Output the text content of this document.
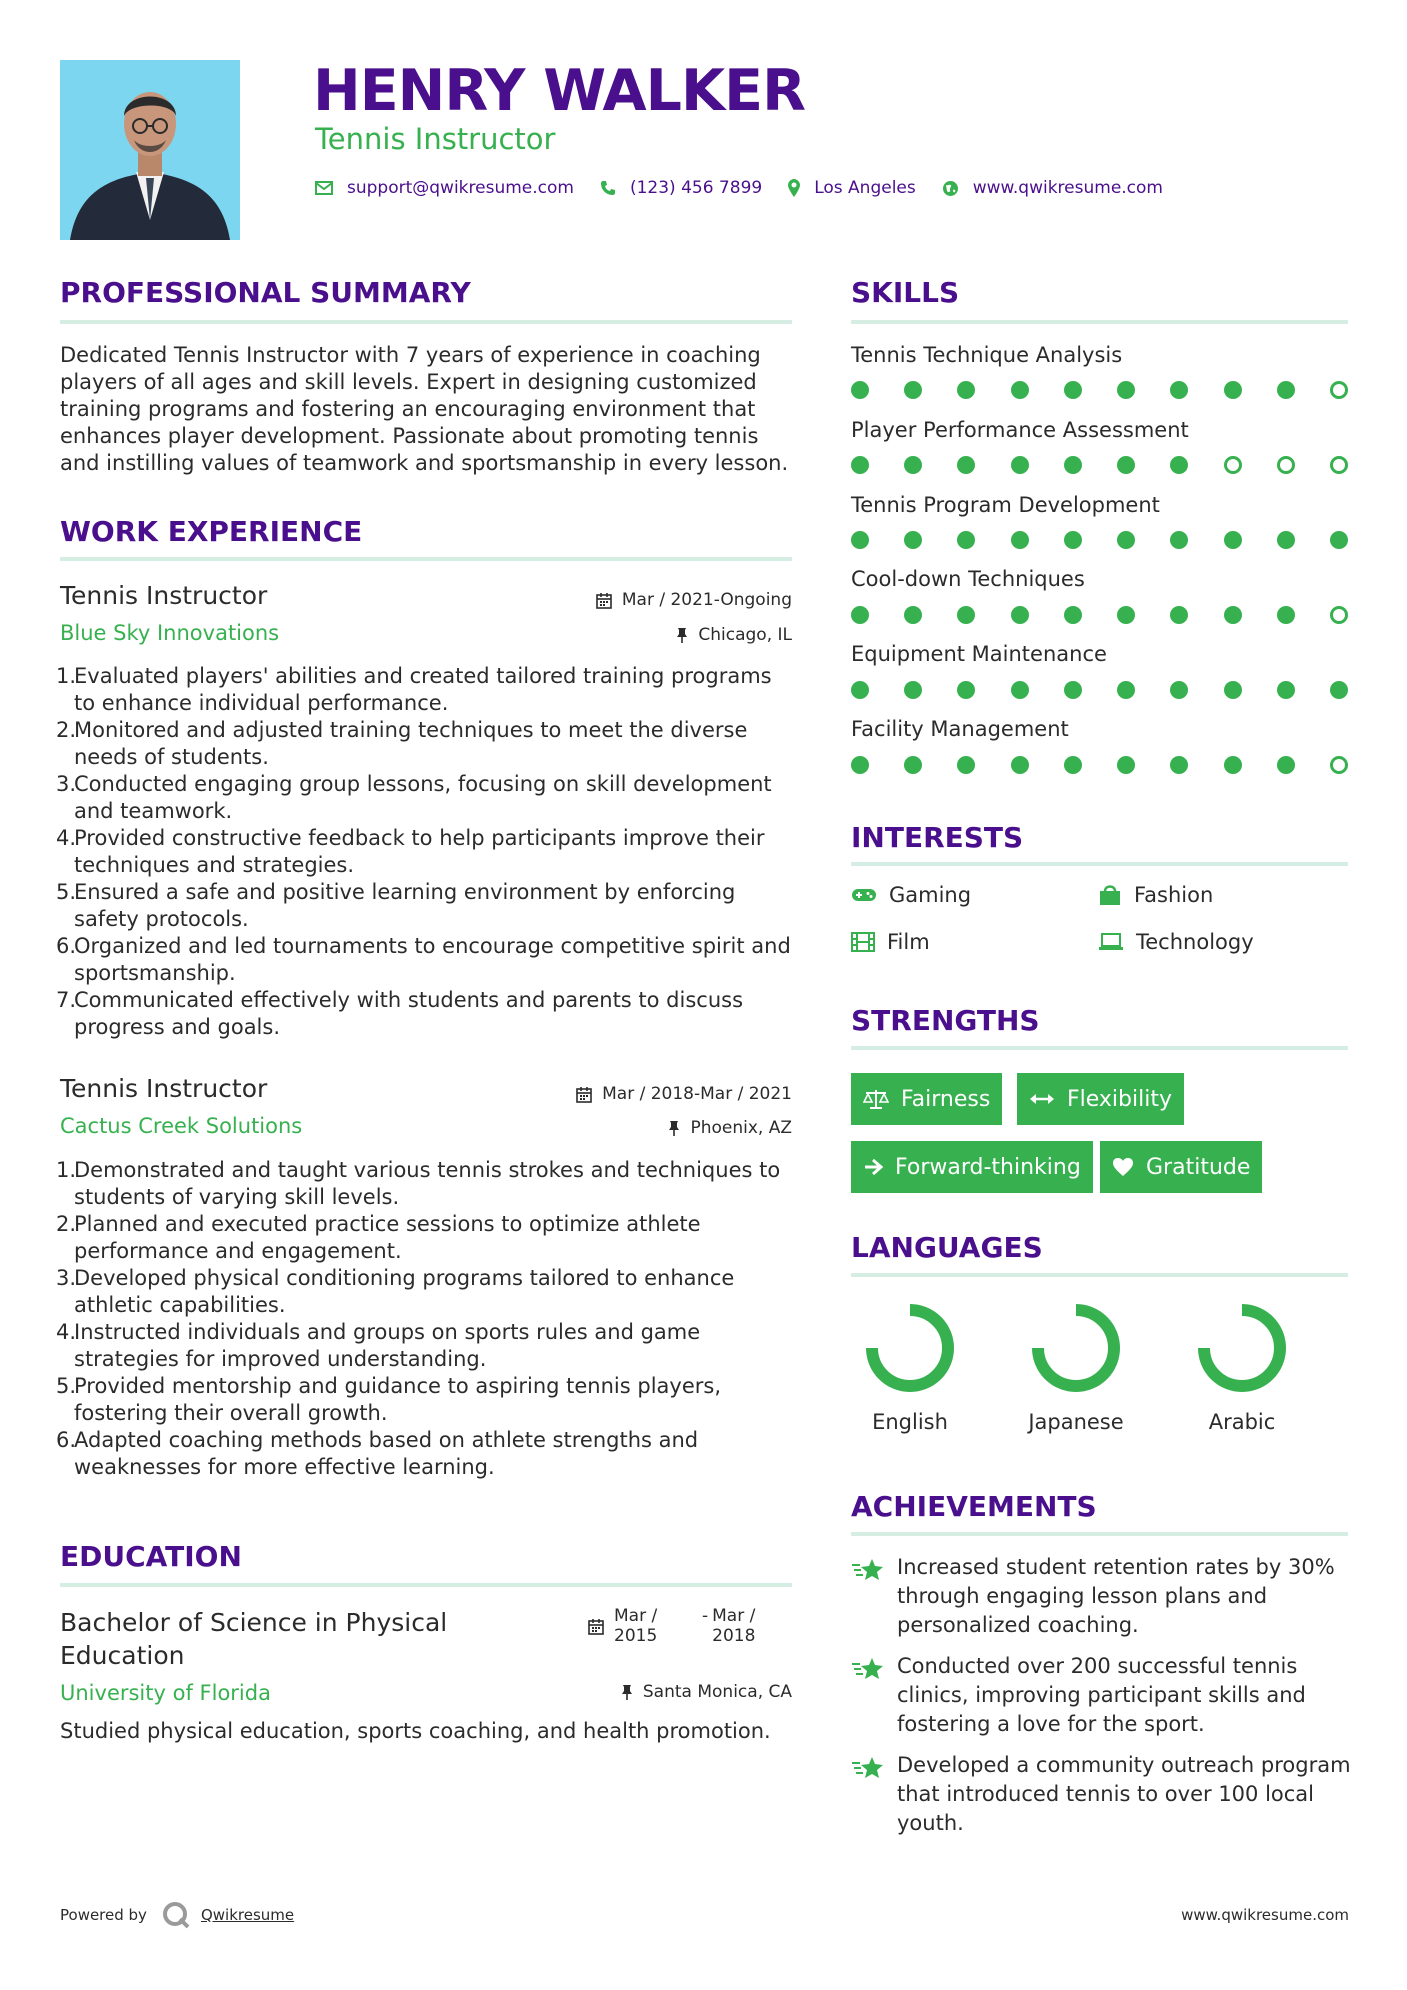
HENRY WALKER
Tennis Instructor
support@qwikresume.com	(123) 456 7899	Los Angeles	www.qwikresume.com
PROFESSIONAL SUMMARY
Dedicated Tennis Instructor with 7 years of experience in coaching players of all ages and skill levels. Expert in designing customized training programs and fostering an encouraging environment that enhances player development. Passionate about promoting tennis and instilling values of teamwork and sportsmanship in every lesson.
WORK EXPERIENCE
Tennis Instructor	Mar / 2021-Ongoing
Blue Sky Innovations	Chicago, IL
1.
Evaluated players' abilities and created tailored training programs to enhance individual performance.
2.
Monitored and adjusted training techniques to meet the diverse needs of students.
3.
Conducted engaging group lessons, focusing on skill development and teamwork.
4.
Provided constructive feedback to help participants improve their techniques and strategies.
5.
Ensured a safe and positive learning environment by enforcing safety protocols.
6.
Organized and led tournaments to encourage competitive spirit and sportsmanship.
7.
Communicated effectively with students and parents to discuss progress and goals.
Tennis Instructor	Mar / 2018-Mar / 2021
Cactus Creek Solutions	Phoenix, AZ
1.
Demonstrated and taught various tennis strokes and techniques to students of varying skill levels.
2.
Planned and executed practice sessions to optimize athlete performance and engagement.
3.
Developed physical conditioning programs tailored to enhance athletic capabilities.
4.
Instructed individuals and groups on sports rules and game strategies for improved understanding.
5.
Provided mentorship and guidance to aspiring tennis players, fostering their overall growth.
6.
Adapted coaching methods based on athlete strengths and weaknesses for more effective learning.
EDUCATION
Bachelor of Science in Physical Education
Mar / 2015
- Mar / 2018
University of Florida	Santa Monica, CA
Studied physical education, sports coaching, and health promotion.
SKILLS
Tennis Technique Analysis
Player Performance Assessment
Tennis Program Development
Cool-down Techniques
Equipment Maintenance
Facility Management
INTERESTS
Gaming	Fashion
Film	Technology
STRENGTHS
Fairness	Flexibility
Forward-thinking	Gratitude
LANGUAGES
English	Japanese	Arabic
ACHIEVEMENTS
Increased student retention rates by 30% through engaging lesson plans and personalized coaching.
Conducted over 200 successful tennis clinics, improving participant skills and fostering a love for the sport.
Developed a community outreach program that introduced tennis to over 100 local youth.
Powered by	Qwikresume	www.qwikresume.com
